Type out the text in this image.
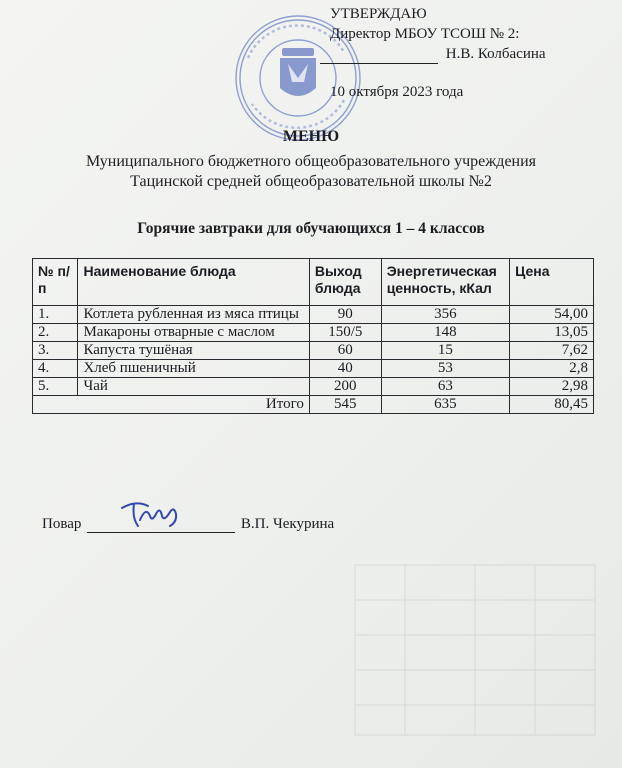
УТВЕРЖДАЮ
Директор МБОУ ТСОШ № 2:
Н.В. Колбасина
10 октября 2023 года
МЕНЮ
Муниципального бюджетного общеобразовательного учреждения
Тацинской средней общеобразовательной школы №2
Горячие завтраки для обучающихся 1 – 4 классов
№ п/п	Наименование блюда	Выход блюда	Энергетическая ценность, кКал	Цена
1.	Котлета рубленная из мяса птицы	90	356	54,00
2.	Макароны отварные с маслом	150/5	148	13,05
3.	Капуста тушёная	60	15	7,62
4.	Хлеб пшеничный	40	53	2,8
5.	Чай	200	63	2,98
Итого		545	635	80,45
Повар	В.П. Чекурина
